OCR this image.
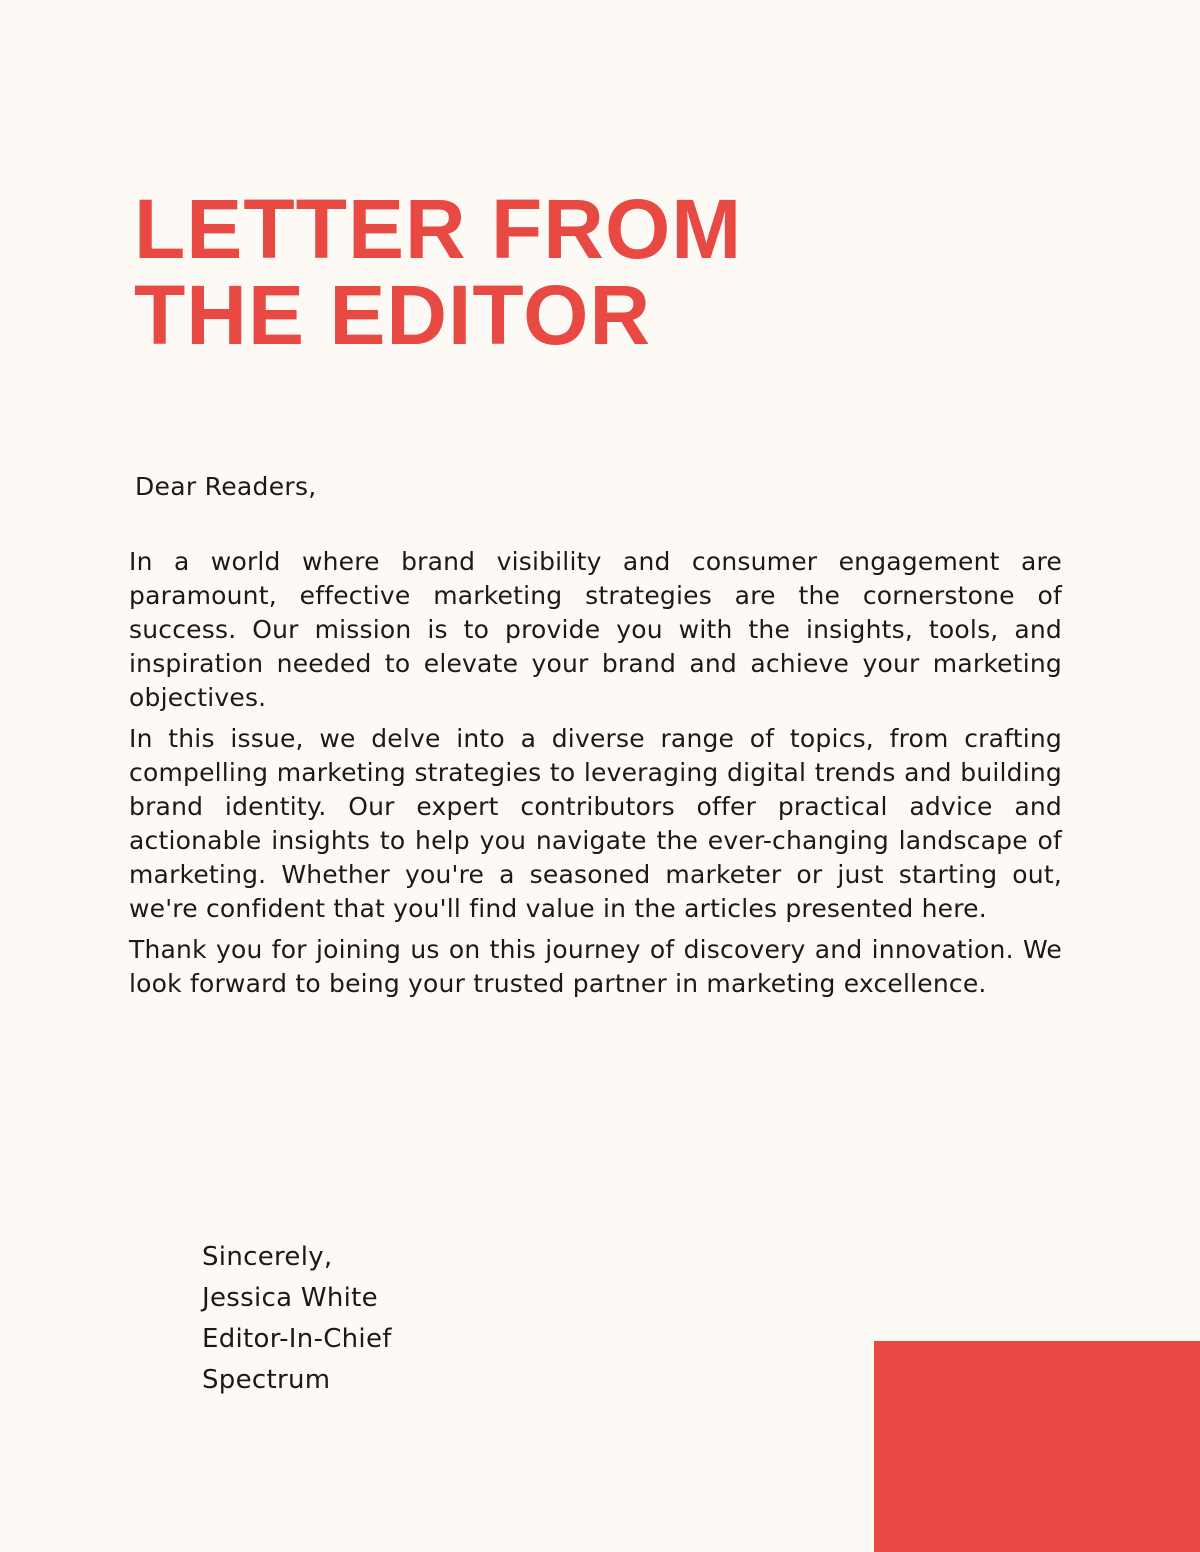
LETTER FROM
THE EDITOR

Dear Readers,

In a world where brand visibility and consumer engagement are paramount, effective marketing strategies are the cornerstone of success. Our mission is to provide you with the insights, tools, and inspiration needed to elevate your brand and achieve your marketing objectives.

In this issue, we delve into a diverse range of topics, from crafting compelling marketing strategies to leveraging digital trends and building brand identity. Our expert contributors offer practical advice and actionable insights to help you navigate the ever-changing landscape of marketing. Whether you're a seasoned marketer or just starting out, we're confident that you'll find value in the articles presented here.

Thank you for joining us on this journey of discovery and innovation. We look forward to being your trusted partner in marketing excellence.

Sincerely,
Jessica White
Editor-In-Chief
Spectrum
